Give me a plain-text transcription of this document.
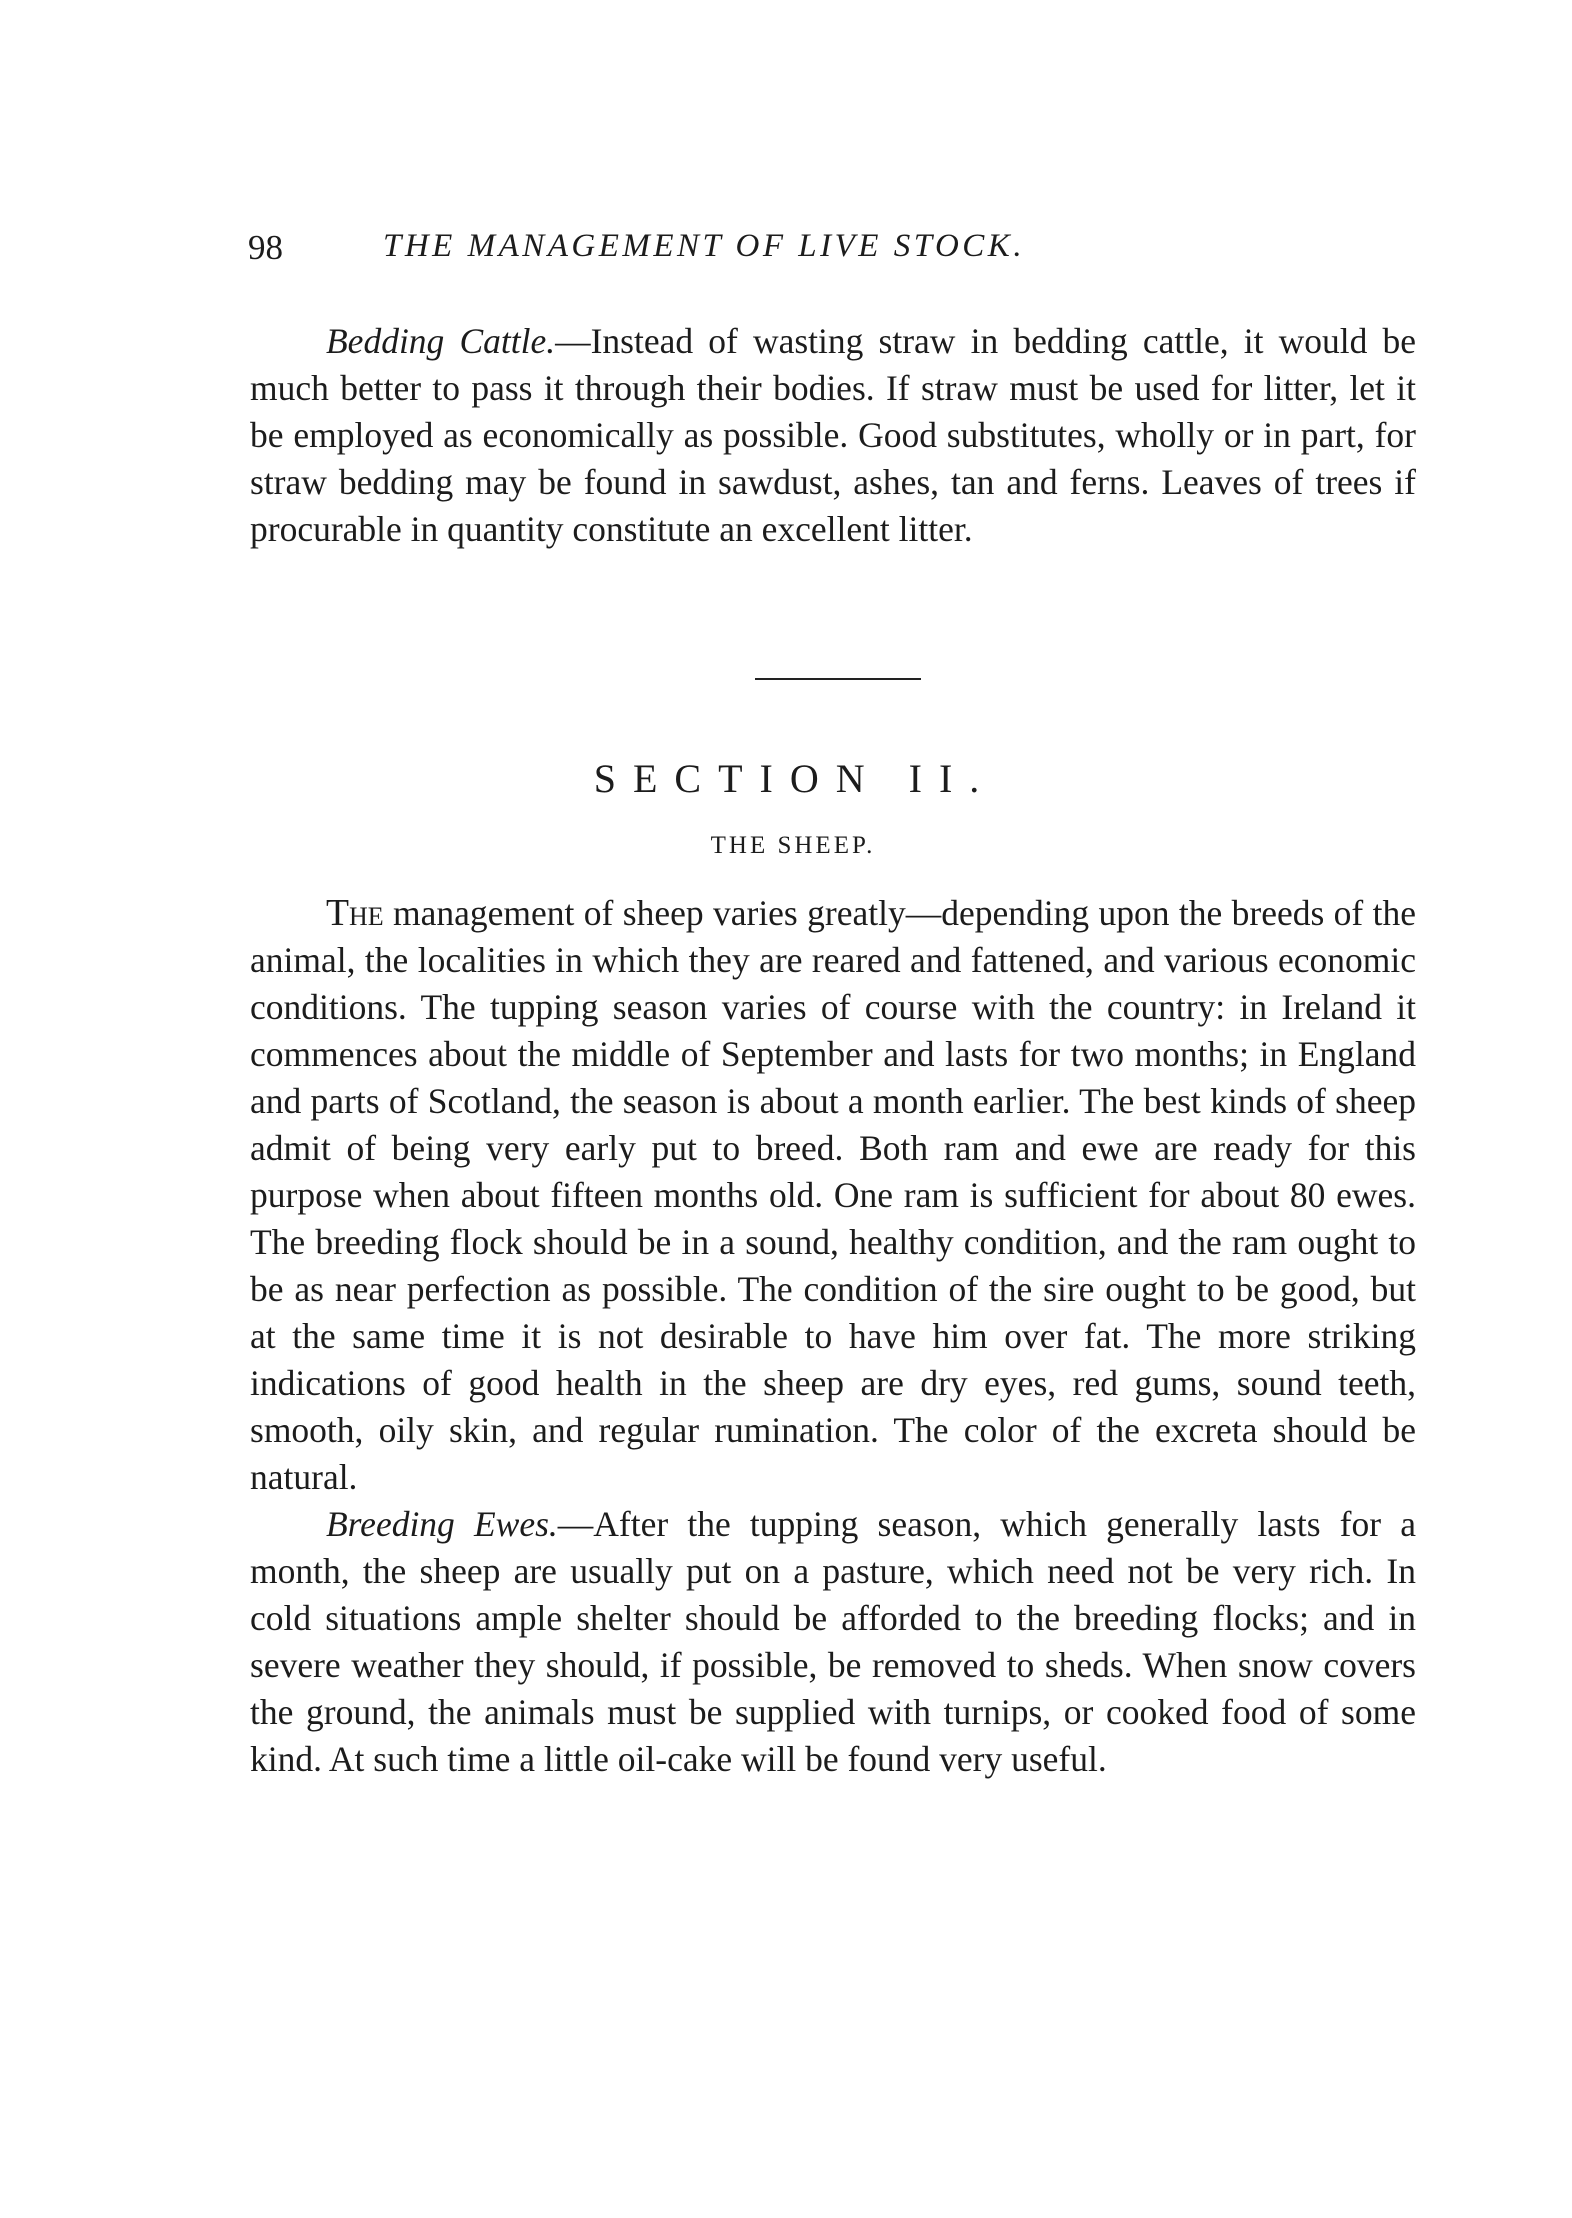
98	THE MANAGEMENT OF LIVE STOCK.

Bedding Cattle.—Instead of wasting straw in bedding cattle, it would be much better to pass it through their bodies. If straw must be used for litter, let it be employed as economically as possible. Good substitutes, wholly or in part, for straw bedding may be found in sawdust, ashes, tan and ferns. Leaves of trees if procurable in quantity constitute an excellent litter.

SECTION II.
THE SHEEP.

The management of sheep varies greatly—depending upon the breeds of the animal, the localities in which they are reared and fattened, and various economic conditions. The tupping season varies of course with the country: in Ireland it commences about the middle of September and lasts for two months; in England and parts of Scotland, the season is about a month earlier. The best kinds of sheep admit of being very early put to breed. Both ram and ewe are ready for this purpose when about fifteen months old. One ram is sufficient for about 80 ewes. The breeding flock should be in a sound, healthy condition, and the ram ought to be as near perfection as possible. The condition of the sire ought to be good, but at the same time it is not desirable to have him over fat. The more striking indications of good health in the sheep are dry eyes, red gums, sound teeth, smooth, oily skin, and regular rumination. The color of the excreta should be natural.

Breeding Ewes.—After the tupping season, which generally lasts for a month, the sheep are usually put on a pasture, which need not be very rich. In cold situations ample shelter should be afforded to the breeding flocks; and in severe weather they should, if possible, be removed to sheds. When snow covers the ground, the animals must be supplied with turnips, or cooked food of some kind. At such time a little oil-cake will be found very useful.
